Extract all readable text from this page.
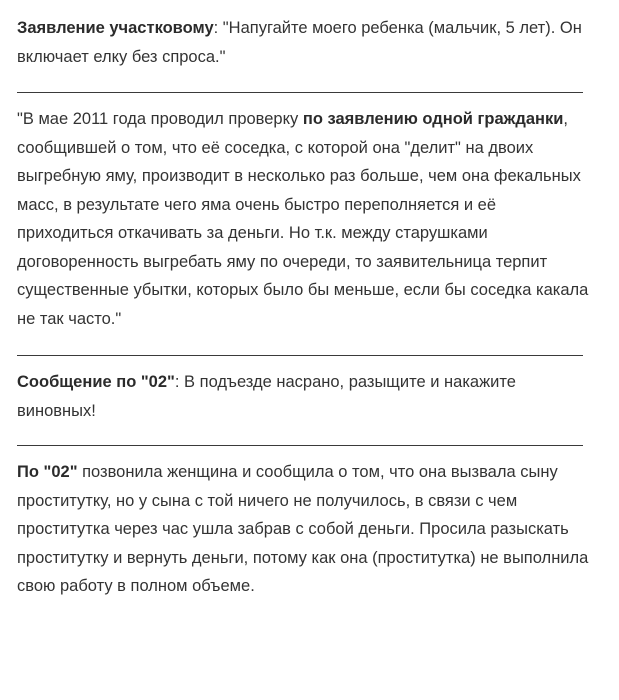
Заявление участковому: "Напугайте моего ребенка (мальчик, 5 лет). Он включает елку без спроса."

"В мае 2011 года проводил проверку по заявлению одной гражданки, сообщившей о том, что её соседка, с которой она "делит" на двоих выгребную яму, производит в несколько раз больше, чем она фекальных масс, в результате чего яма очень быстро переполняется и её приходиться откачивать за деньги. Но т.к. между старушками договоренность выгребать яму по очереди, то заявительница терпит существенные убытки, которых было бы меньше, если бы соседка какала не так часто."

Сообщение по "02": В подъезде насрано, разыщите и накажите виновных!

По "02" позвонила женщина и сообщила о том, что она вызвала сыну проститутку, но у сына с той ничего не получилось, в связи с чем проститутка через час ушла забрав с собой деньги. Просила разыскать проститутку и вернуть деньги, потому как она (проститутка) не выполнила свою работу в полном объеме.
